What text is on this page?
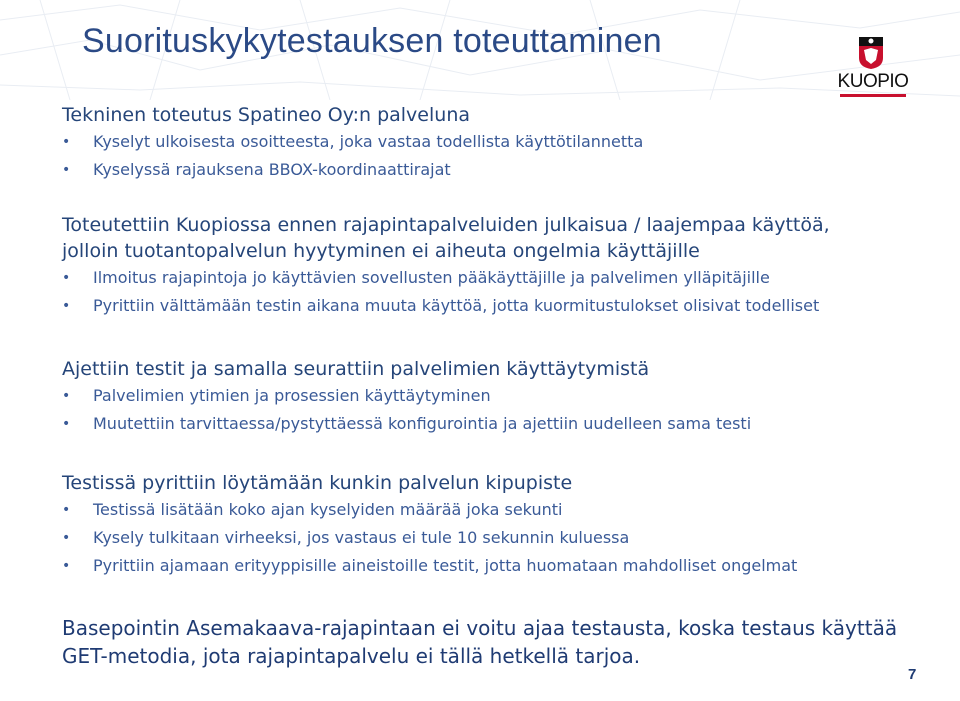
Suorituskykytestauksen toteuttaminen
KUOPIO
Tekninen toteutus Spatineo Oy:n palveluna
• Kyselyt ulkoisesta osoitteesta, joka vastaa todellista käyttötilannetta
• Kyselyssä rajauksena BBOX-koordinaattirajat
Toteutettiin Kuopiossa ennen rajapintapalveluiden julkaisua / laajempaa käyttöä,
jolloin tuotantopalvelun hyytyminen ei aiheuta ongelmia käyttäjille
• Ilmoitus rajapintoja jo käyttävien sovellusten pääkäyttäjille ja palvelimen ylläpitäjille
• Pyrittiin välttämään testin aikana muuta käyttöä, jotta kuormitustulokset olisivat todelliset
Ajettiin testit ja samalla seurattiin palvelimien käyttäytymistä
• Palvelimien ytimien ja prosessien käyttäytyminen
• Muutettiin tarvittaessa/pystyttäessä konfigurointia ja ajettiin uudelleen sama testi
Testissä pyrittiin löytämään kunkin palvelun kipupiste
• Testissä lisätään koko ajan kyselyiden määrää joka sekunti
• Kysely tulkitaan virheeksi, jos vastaus ei tule 10 sekunnin kuluessa
• Pyrittiin ajamaan erityyppisille aineistoille testit, jotta huomataan mahdolliset ongelmat
Basepointin Asemakaava-rajapintaan ei voitu ajaa testausta, koska testaus käyttää
GET-metodia, jota rajapintapalvelu ei tällä hetkellä tarjoa.
7
